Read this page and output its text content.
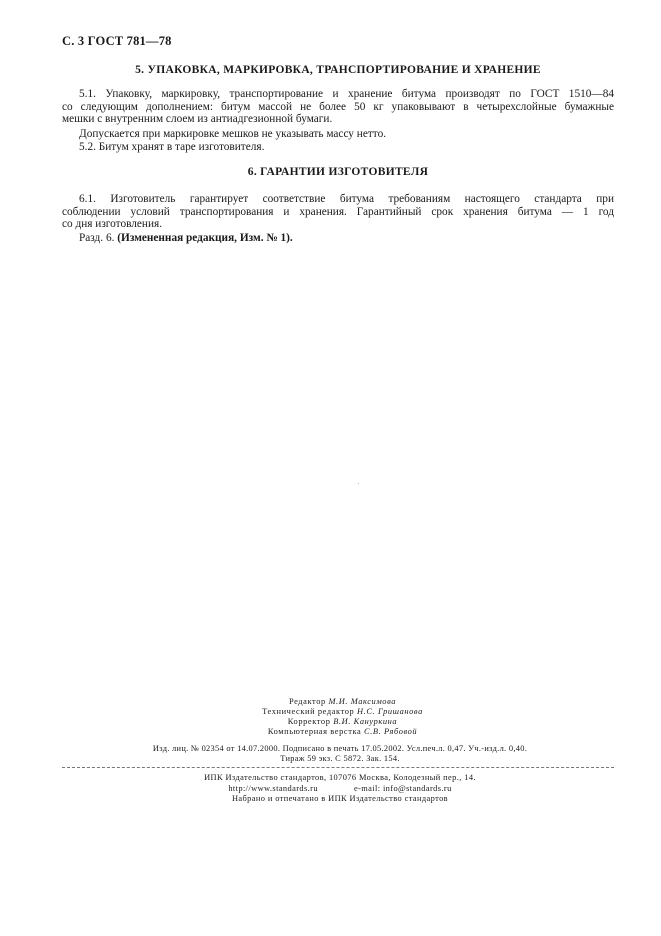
С. 3 ГОСТ 781—78
5. УПАКОВКА, МАРКИРОВКА, ТРАНСПОРТИРОВАНИЕ И ХРАНЕНИЕ
5.1. Упаковку, маркировку, транспортирование и хранение битума производят по ГОСТ 1510—84
со следующим дополнением: битум массой не более 50 кг упаковывают в четырехслойные бумажные
мешки с внутренним слоем из антиадгезионной бумаги.
Допускается при маркировке мешков не указывать массу нетто.
5.2. Битум хранят в таре изготовителя.
6. ГАРАНТИИ ИЗГОТОВИТЕЛЯ
6.1. Изготовитель гарантирует соответствие битума требованиям настоящего стандарта при
соблюдении условий транспортирования и хранения. Гарантийный срок хранения битума — 1 год
со дня изготовления.
Разд. 6. (Измененная редакция, Изм. № 1).
Редактор М.И. Максимова
Технический редактор Н.С. Гришанова
Корректор В.И. Кануркина
Компьютерная верстка С.В. Рябовой
Изд. лиц. № 02354 от 14.07.2000. Подписано в печать 17.05.2002. Усл.печ.л. 0,47. Уч.-изд.л. 0,40.
Тираж 59 экз. С 5872. Зак. 154.
ИПК Издательство стандартов, 107076 Москва, Колодезный пер., 14.
http://www.standards.ru	e-mail: info@standards.ru
Набрано и отпечатано в ИПК Издательство стандартов
